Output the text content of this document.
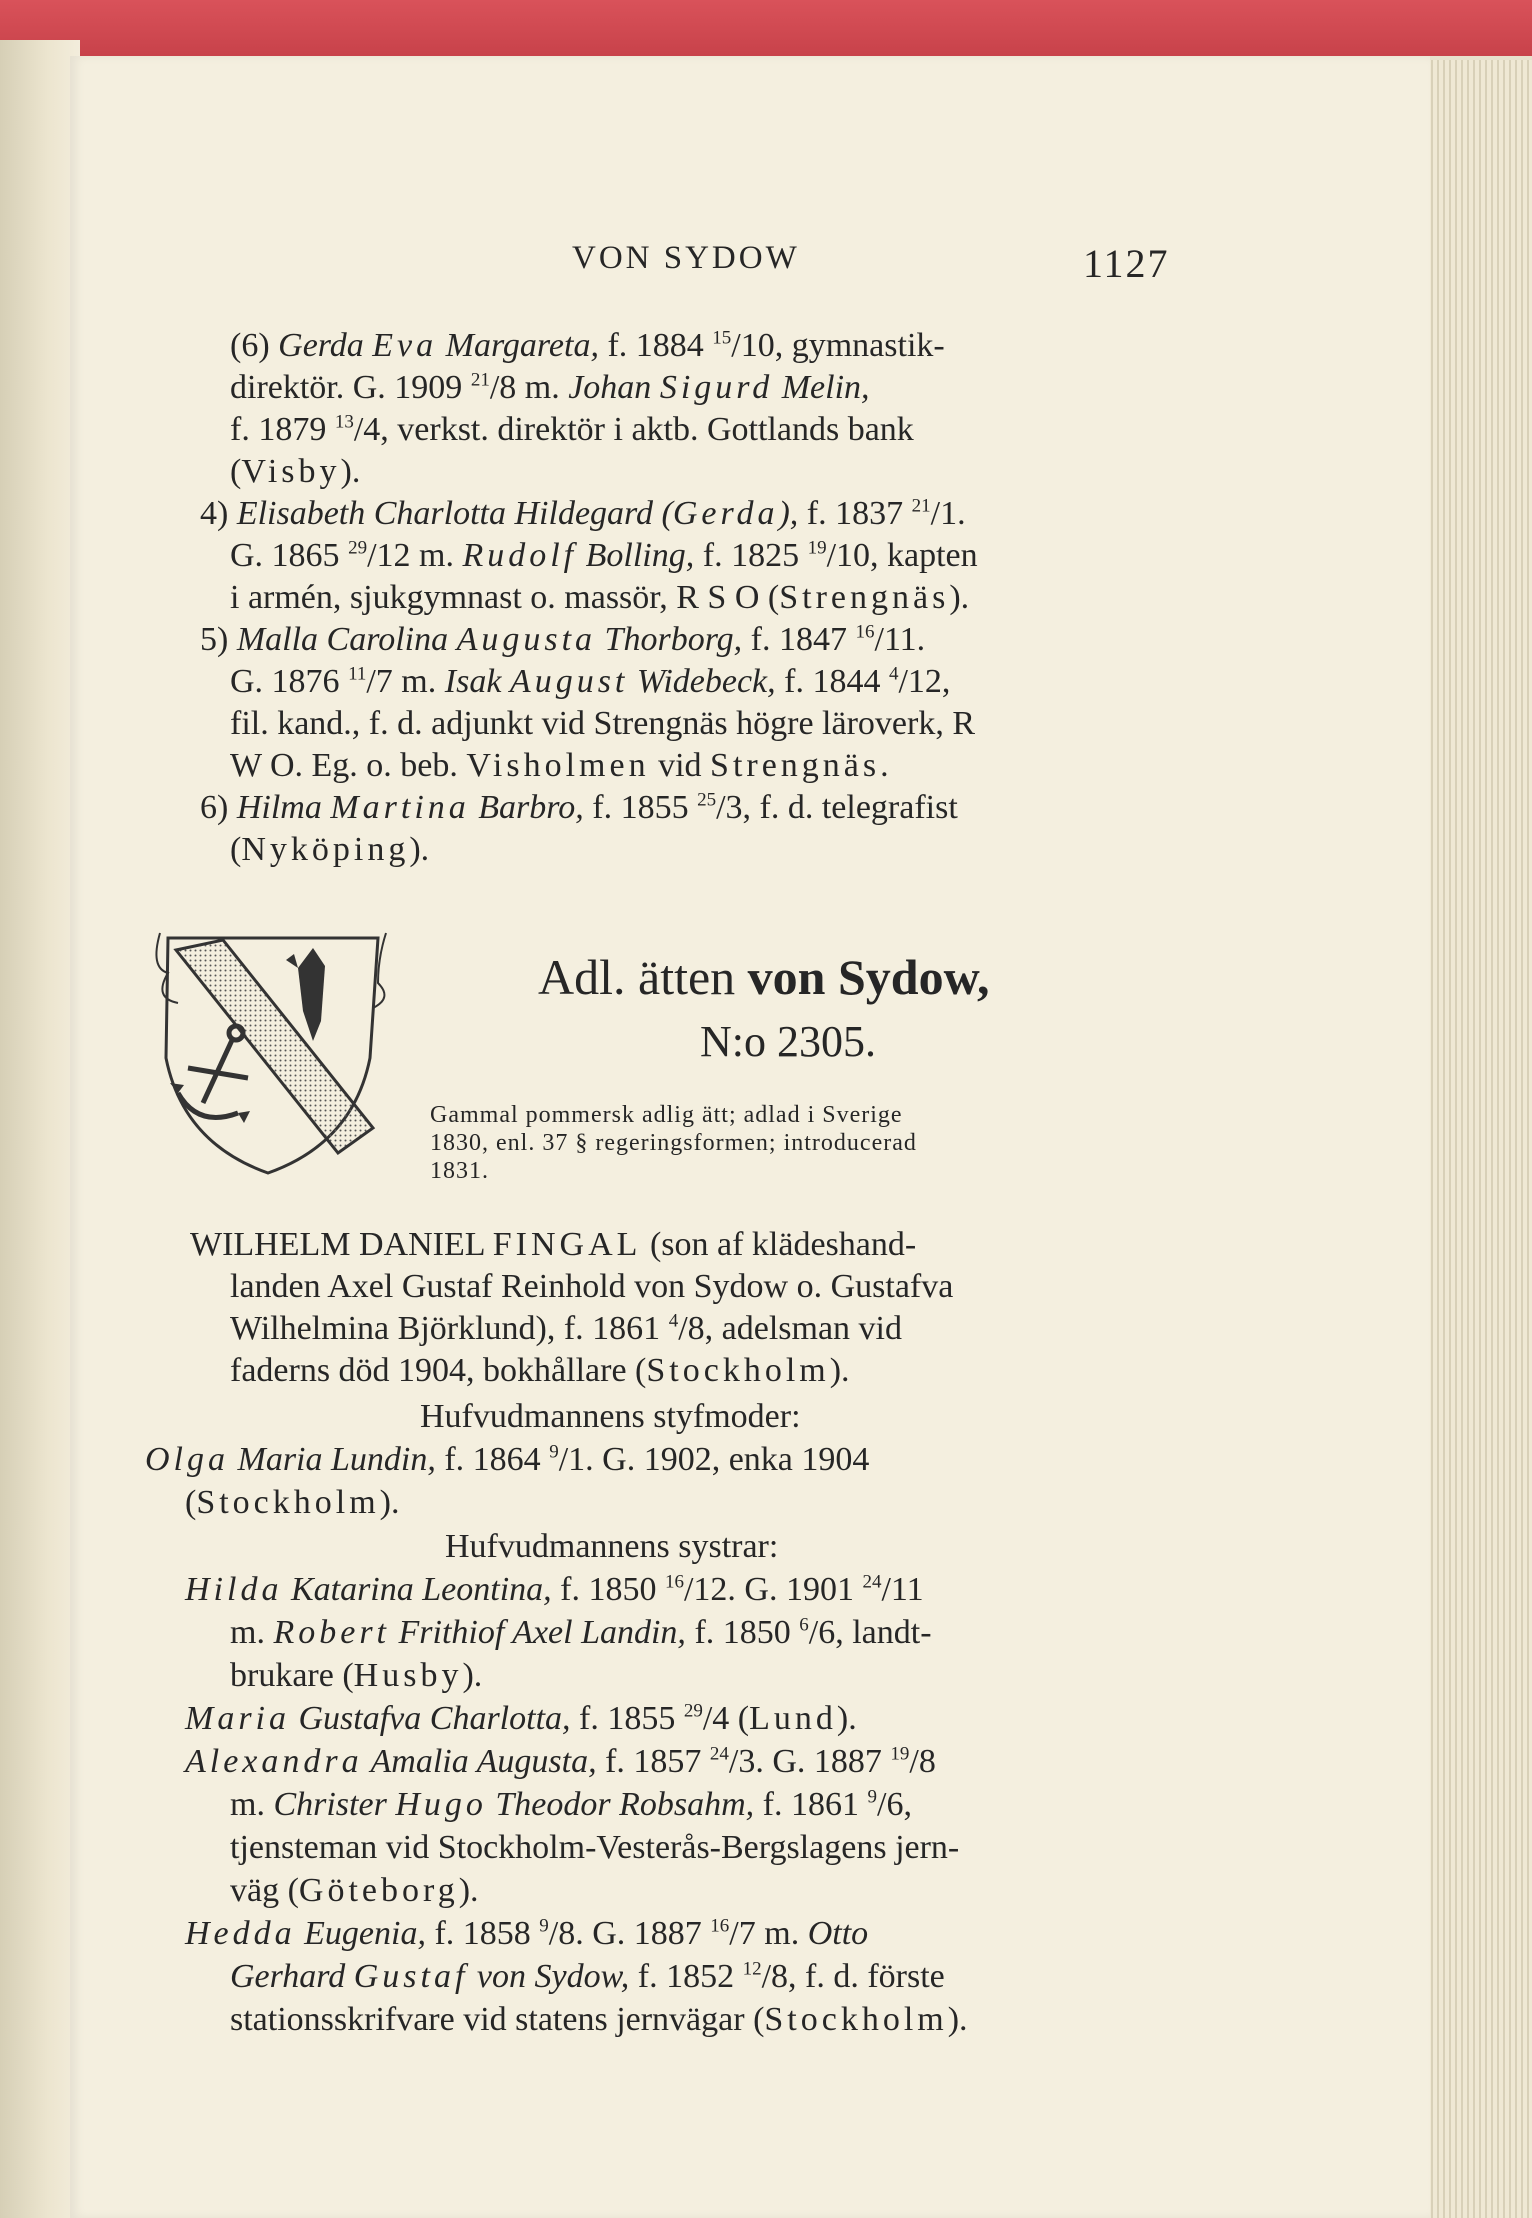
VON SYDOW	1127
(6) Gerda Eva Margareta, f. 1884 $^{15}$/10, gymnastik-
direktör. G. 1909 $^{21}$/8 m. Johan Sigurd Melin,
f. 1879 $^{13}$/4, verkst. direktör i aktb. Gottlands bank
(Visby).
4) Elisabeth Charlotta Hildegard (Gerda), f. 1837 $^{21}$/1.
G. 1865 $^{29}$/12 m. Rudolf Bolling, f. 1825 $^{19}$/10, kapten
i armén, sjukgymnast o. massör, R S O (Strengnäs).
5) Malla Carolina Augusta Thorborg, f. 1847 $^{16}$/11.
G. 1876 $^{11}$/7 m. Isak August Widebeck, f. 1844 $^4$/12,
fil. kand., f. d. adjunkt vid Strengnäs högre läroverk, R
W O. Eg. o. beb. Visholmen vid Strengnäs.
6) Hilma Martina Barbro, f. 1855 $^{25}$/3, f. d. telegrafist
(Nyköping).
Adl. ätten von Sydow,
N:o 2305.
Gammal pommersk adlig ätt; adlad i Sverige
1830, enl. 37 § regeringsformen; introducerad
1831.
WILHELM DANIEL FINGAL (son af klädeshand-
landen Axel Gustaf Reinhold von Sydow o. Gustafva
Wilhelmina Björklund), f. 1861 $^4$/8, adelsman vid
faderns död 1904, bokhållare (Stockholm).
Hufvudmannens styfmoder:
Olga Maria Lundin, f. 1864 $^9$/1. G. 1902, enka 1904
(Stockholm).
Hufvudmannens systrar:
Hilda Katarina Leontina, f. 1850 $^{16}$/12. G. 1901 $^{24}$/11
m. Robert Frithiof Axel Landin, f. 1850 $^6$/6, landt-
brukare (Husby).
Maria Gustafva Charlotta, f. 1855 $^{29}$/4 (Lund).
Alexandra Amalia Augusta, f. 1857 $^{24}$/3. G. 1887 $^{19}$/8
m. Christer Hugo Theodor Robsahm, f. 1861 $^9$/6,
tjensteman vid Stockholm-Vesterås-Bergslagens jern-
väg (Göteborg).
Hedda Eugenia, f. 1858 $^9$/8. G. 1887 $^{16}$/7 m. Otto
Gerhard Gustaf von Sydow, f. 1852 $^{12}$/8, f. d. förste
stationsskrifvare vid statens jernvägar (Stockholm).
